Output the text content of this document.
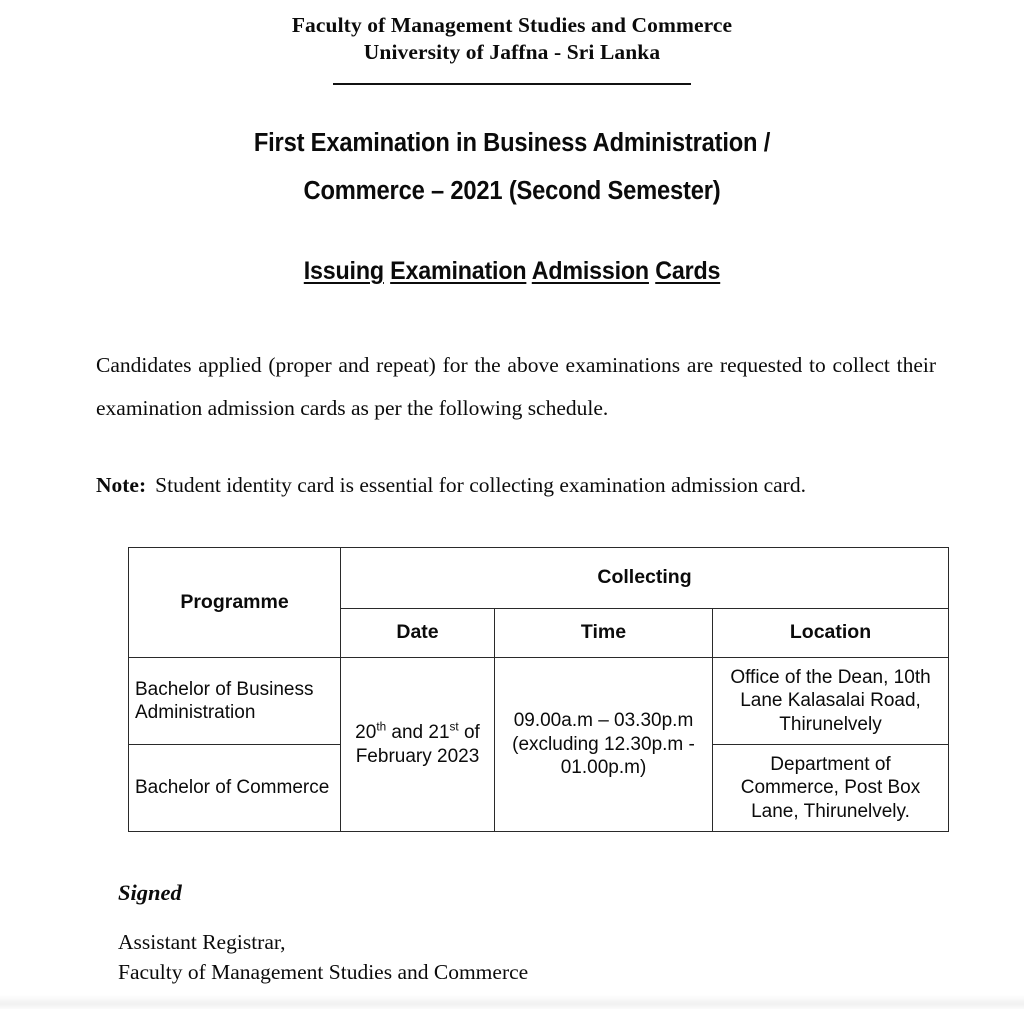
Faculty of Management Studies and Commerce
University of Jaffna - Sri Lanka
First Examination in Business Administration /
Commerce – 2021 (Second Semester)
Issuing Examination Admission Cards

Candidates applied (proper and repeat) for the above examinations are requested to collect their examination admission cards as per the following schedule.

Note: Student identity card is essential for collecting examination admission card.

Programme	Collecting		
	Date	Time	Location
Bachelor of Business Administration	20th and 21st of February 2023	09.00a.m – 03.30p.m (excluding 12.30p.m - 01.00p.m)	Office of the Dean, 10th Lane Kalasalai Road, Thirunelvely
Bachelor of Commerce			Department of Commerce, Post Box Lane, Thirunelvely.
Signed
Assistant Registrar,
Faculty of Management Studies and Commerce
